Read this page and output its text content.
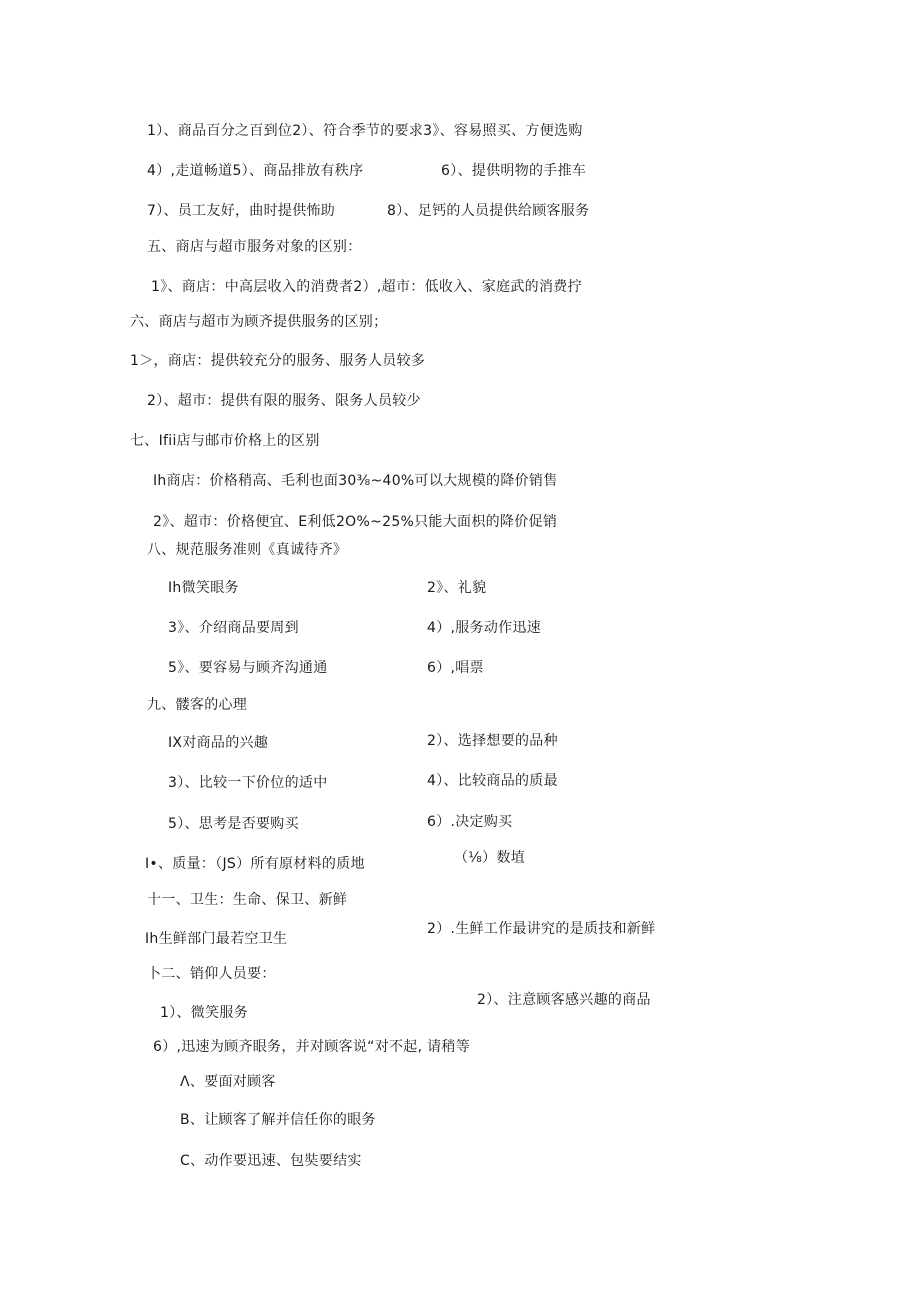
1）、商品百分之百到位2）、符合季节的要求3》、容易照买、方便选购
4）,走道畅道5）、商品排放有秩序	6）、提供明物的手推车
7）、员工友好，曲时提供怖助	8）、足钙的人员提供给顾客服务
五、商店与超市服务对象的区别：
1》、商店：中高层收入的消费者2）,超市：低收入、家庭武的消费拧
六、商店与超市为顾齐提供服务的区别；
1＞，商店：提供较充分的服务、服务人员较多
2）、超市：提供有限的服务、限务人员较少
七、Ifii店与邮市价格上的区别
Ih商店：价格稍高、毛利也面30⅜~40%可以大规模的降价销售
2》、超市：价格便宜、E利低2O%~25%只能大面枳的降价促销
八、规范服务准则《真诚待齐》
Ih微笑眼务	2》、礼貌
3》、介绍商品要周到	4）,服务动作迅速
5》、要容易与顾齐沟通通	6）,唱票
九、髅客的心理
IX对商品的兴趣	2）、选择想要的品种
3）、比较一下价位的适中	4）、比较商品的质最
5）、思考是否要购买	6）.决定购买
I•、质量：（JS）所有原材料的质地	（⅛）数埴
十一、卫生：生命、保卫、新鲜
Ih生鲜部门最若空卫生
2）.生鲜工作最讲究的是质技和新鲜
卜二、销仰人员要：
2）、注意顾客感兴趣的商品
1）、微笑服务
6）,迅速为顾齐眼务，并对顾客说“对不起, 请稍等
Λ、要面对顾客
B、让顾客了解并信任你的眼务
C、动作要迅速、包奘要结实
